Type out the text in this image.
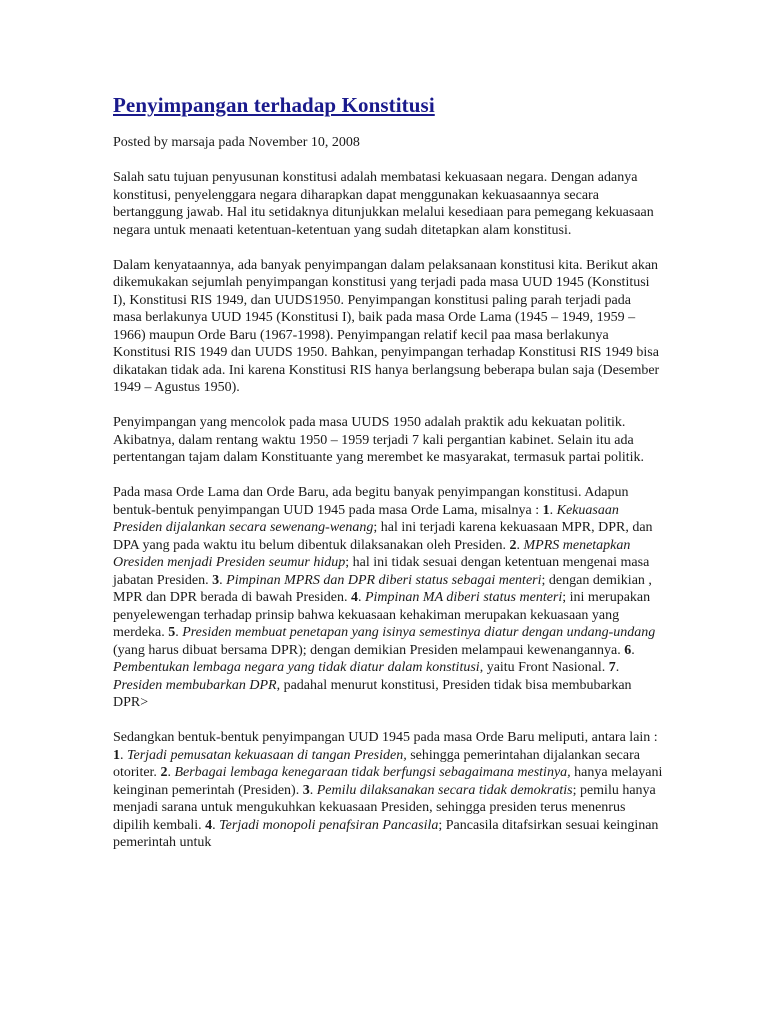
Penyimpangan terhadap Konstitusi
Posted by marsaja pada November 10, 2008

Salah satu tujuan penyusunan konstitusi adalah membatasi kekuasaan negara. Dengan adanya konstitusi, penyelenggara negara diharapkan dapat menggunakan kekuasaannya secara bertanggung jawab. Hal itu setidaknya ditunjukkan melalui kesediaan para pemegang kekuasaan negara untuk menaati ketentuan-ketentuan yang sudah ditetapkan alam konstitusi.

Dalam kenyataannya, ada banyak penyimpangan dalam pelaksanaan konstitusi kita. Berikut akan dikemukakan sejumlah penyimpangan konstitusi yang terjadi pada masa UUD 1945 (Konstitusi I), Konstitusi RIS 1949, dan UUDS1950. Penyimpangan konstitusi paling parah terjadi pada masa berlakunya UUD 1945 (Konstitusi I), baik pada masa Orde Lama (1945 – 1949, 1959 – 1966) maupun Orde Baru (1967-1998). Penyimpangan relatif kecil paa masa berlakunya Konstitusi RIS 1949 dan UUDS 1950. Bahkan, penyimpangan terhadap Konstitusi RIS 1949 bisa dikatakan tidak ada. Ini karena Konstitusi RIS hanya berlangsung beberapa bulan saja (Desember 1949 – Agustus 1950).

Penyimpangan yang mencolok pada masa UUDS 1950 adalah praktik adu kekuatan politik. Akibatnya, dalam rentang waktu 1950 – 1959 terjadi 7 kali pergantian kabinet. Selain itu ada pertentangan tajam dalam Konstituante yang merembet ke masyarakat, termasuk partai politik.

Pada masa Orde Lama dan Orde Baru, ada begitu banyak penyimpangan konstitusi. Adapun bentuk-bentuk penyimpangan UUD 1945 pada masa Orde Lama, misalnya : 1. Kekuasaan Presiden dijalankan secara sewenang-wenang; hal ini terjadi karena kekuasaan MPR, DPR, dan DPA yang pada waktu itu belum dibentuk dilaksanakan oleh Presiden. 2. MPRS menetapkan Oresiden menjadi Presiden seumur hidup; hal ini tidak sesuai dengan ketentuan mengenai masa jabatan Presiden. 3. Pimpinan MPRS dan DPR diberi status sebagai menteri; dengan demikian , MPR dan DPR berada di bawah Presiden. 4. Pimpinan MA diberi status menteri; ini merupakan penyelewengan terhadap prinsip bahwa kekuasaan kehakiman merupakan kekuasaan yang merdeka. 5. Presiden membuat penetapan yang isinya semestinya diatur dengan undang-undang (yang harus dibuat bersama DPR); dengan demikian Presiden melampaui kewenangannya. 6. Pembentukan lembaga negara yang tidak diatur dalam konstitusi, yaitu Front Nasional. 7. Presiden membubarkan DPR, padahal menurut konstitusi, Presiden tidak bisa membubarkan DPR>

Sedangkan bentuk-bentuk penyimpangan UUD 1945 pada masa Orde Baru meliputi, antara lain : 1. Terjadi pemusatan kekuasaan di tangan Presiden, sehingga pemerintahan dijalankan secara otoriter. 2. Berbagai lembaga kenegaraan tidak berfungsi sebagaimana mestinya, hanya melayani keinginan pemerintah (Presiden). 3. Pemilu dilaksanakan secara tidak demokratis; pemilu hanya menjadi sarana untuk mengukuhkan kekuasaan Presiden, sehingga presiden terus menenrus dipilih kembali. 4. Terjadi monopoli penafsiran Pancasila; Pancasila ditafsirkan sesuai keinginan pemerintah untuk
